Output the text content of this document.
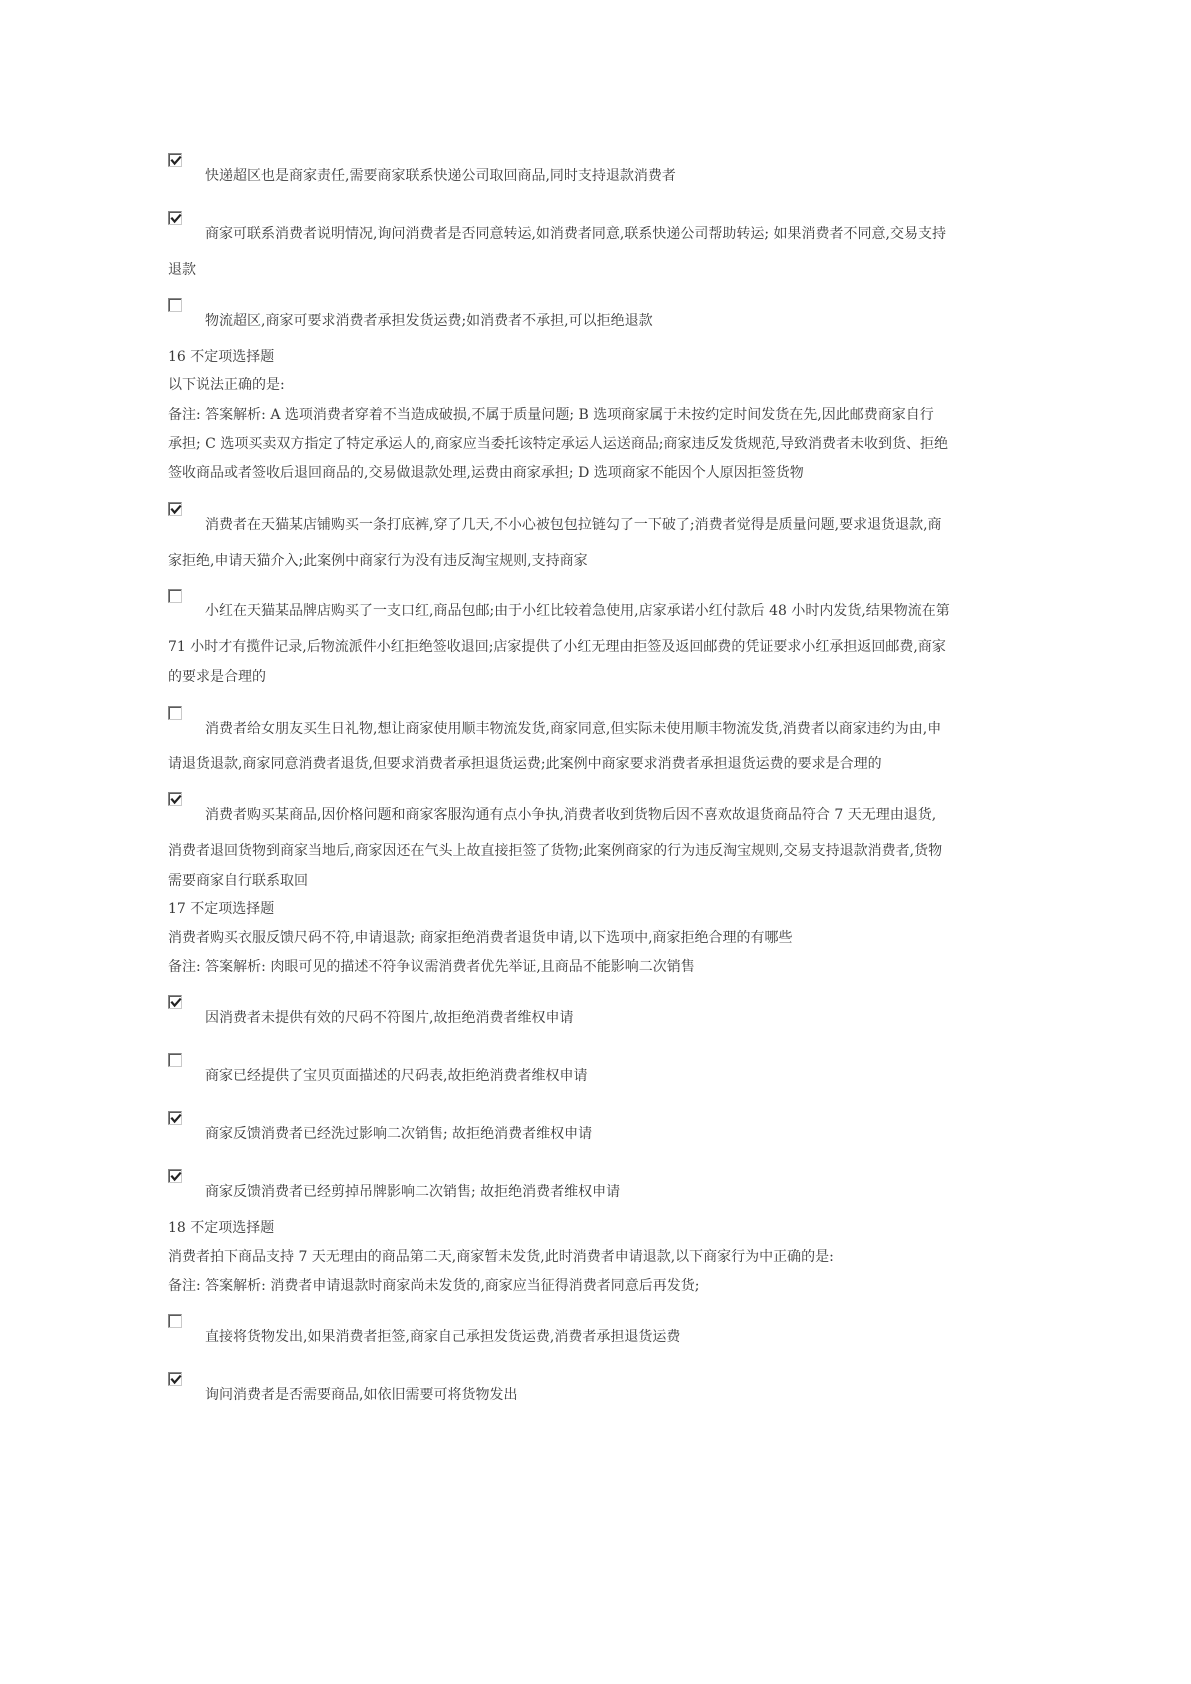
快递超区也是商家责任,需要商家联系快递公司取回商品,同时支持退款消费者
商家可联系消费者说明情况,询问消费者是否同意转运,如消费者同意,联系快递公司帮助转运; 如果消费者不同意,交易支持
退款
物流超区,商家可要求消费者承担发货运费;如消费者不承担,可以拒绝退款
16 不定项选择题
以下说法正确的是:
备注: 答案解析: A 选项消费者穿着不当造成破损,不属于质量问题; B 选项商家属于未按约定时间发货在先,因此邮费商家自行
承担; C 选项买卖双方指定了特定承运人的,商家应当委托该特定承运人运送商品;商家违反发货规范,导致消费者未收到货、拒绝
签收商品或者签收后退回商品的,交易做退款处理,运费由商家承担; D 选项商家不能因个人原因拒签货物
消费者在天猫某店铺购买一条打底裤,穿了几天,不小心被包包拉链勾了一下破了;消费者觉得是质量问题,要求退货退款,商
家拒绝,申请天猫介入;此案例中商家行为没有违反淘宝规则,支持商家
小红在天猫某品牌店购买了一支口红,商品包邮;由于小红比较着急使用,店家承诺小红付款后 48 小时内发货,结果物流在第
71 小时才有揽件记录,后物流派件小红拒绝签收退回;店家提供了小红无理由拒签及返回邮费的凭证要求小红承担返回邮费,商家
的要求是合理的
消费者给女朋友买生日礼物,想让商家使用顺丰物流发货,商家同意,但实际未使用顺丰物流发货,消费者以商家违约为由,申
请退货退款,商家同意消费者退货,但要求消费者承担退货运费;此案例中商家要求消费者承担退货运费的要求是合理的
消费者购买某商品,因价格问题和商家客服沟通有点小争执,消费者收到货物后因不喜欢故退货商品符合 7 天无理由退货,
消费者退回货物到商家当地后,商家因还在气头上故直接拒签了货物;此案例商家的行为违反淘宝规则,交易支持退款消费者,货物
需要商家自行联系取回
17 不定项选择题
消费者购买衣服反馈尺码不符,申请退款; 商家拒绝消费者退货申请,以下选项中,商家拒绝合理的有哪些
备注: 答案解析: 肉眼可见的描述不符争议需消费者优先举证,且商品不能影响二次销售
因消费者未提供有效的尺码不符图片,故拒绝消费者维权申请
商家已经提供了宝贝页面描述的尺码表,故拒绝消费者维权申请
商家反馈消费者已经洗过影响二次销售; 故拒绝消费者维权申请
商家反馈消费者已经剪掉吊牌影响二次销售; 故拒绝消费者维权申请
18 不定项选择题
消费者拍下商品支持 7 天无理由的商品第二天,商家暂未发货,此时消费者申请退款,以下商家行为中正确的是:
备注: 答案解析: 消费者申请退款时商家尚未发货的,商家应当征得消费者同意后再发货;
直接将货物发出,如果消费者拒签,商家自己承担发货运费,消费者承担退货运费
询问消费者是否需要商品,如依旧需要可将货物发出
